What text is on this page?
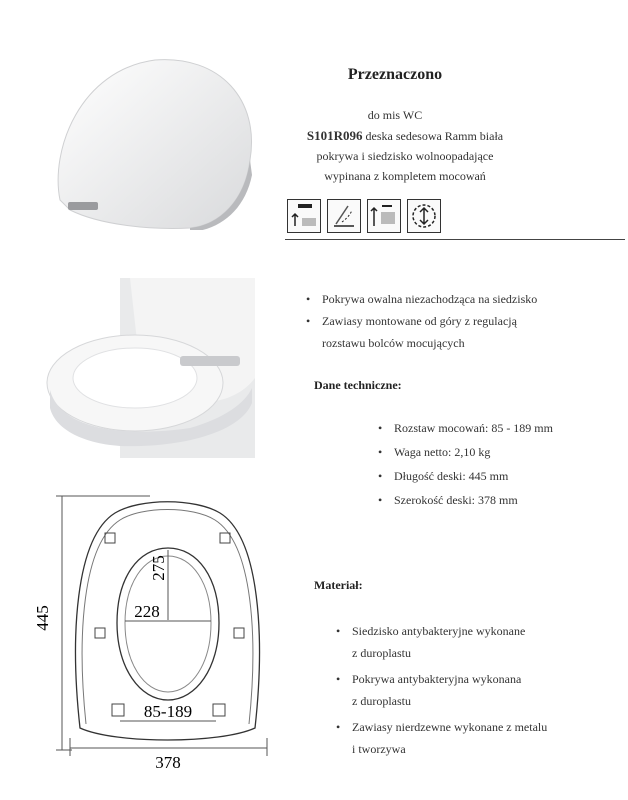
Przeznaczono
do mis WC
S101R096 deska sedesowa Ramm biała
pokrywa i siedzisko wolnoopadające
wypinana z kompletem mocowań
• Pokrywa owalna niezachodząca na siedzisko
• Zawiasy montowane od góry z regulacją
rozstawu bolców mocujących
Dane techniczne:
• Rozstaw mocowań: 85 - 189 mm
• Waga netto: 2,10 kg
• Długość deski: 445 mm
• Szerokość deski: 378 mm
445
275
228
85-189
378
Materiał:
• Siedzisko antybakteryjne wykonane
z duroplastu
• Pokrywa antybakteryjna wykonana
z duroplastu
• Zawiasy nierdzewne wykonane z metalu
i tworzywa
